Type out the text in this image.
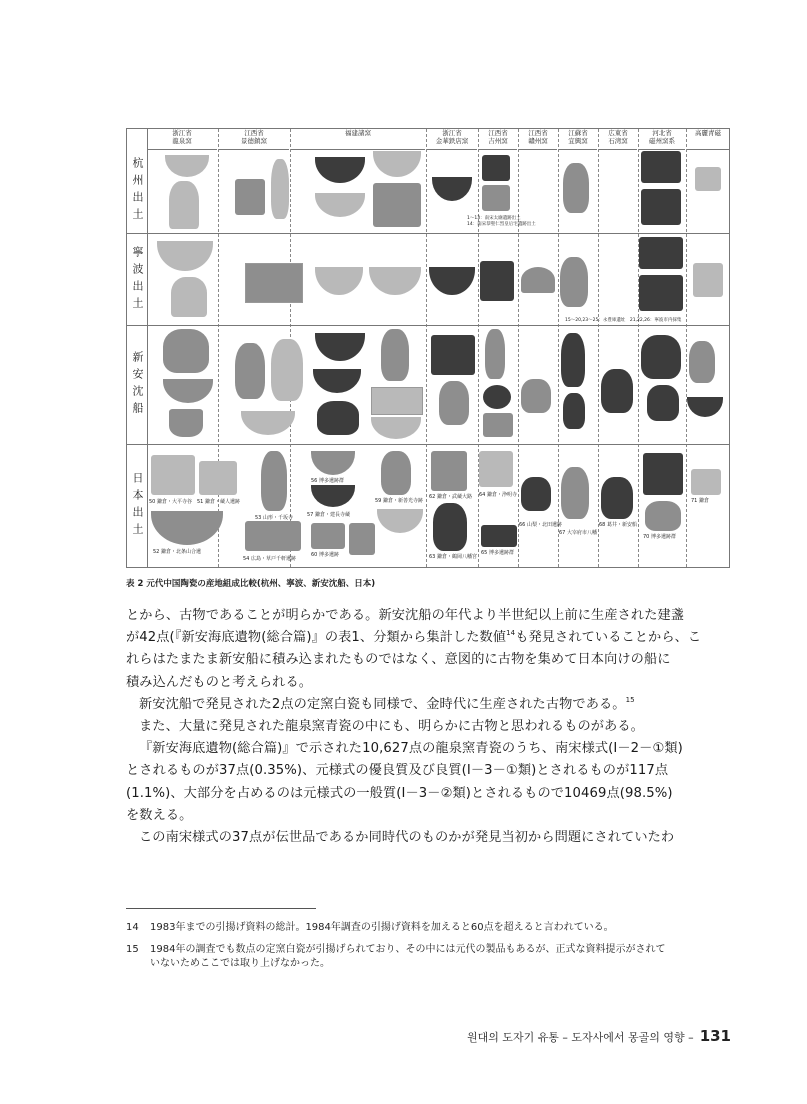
浙江省
龍泉窯
江西省
景德鎮窯
福建諸窯	浙江省
金華鉄店窯
江西省
吉州窯
江西省
贛州窯
江蘇省
宜興窯
広東省
石湾窯
河北省
磁州窯系
高麗青磁
杭州出土
寧波出土
新安沈船
日本出土
1～13：南宋太廟遺跡出土
14：南宋恭聖仁烈皇后宅遺跡出土
15～20,23～25：永豊庫遺址　21,22,26：寧波市内採集
50 鎌倉・大平寺谷 51 鎌倉・蔵人遺跡
52 鎌倉・北条山合遺
53 山形・千坂寺
54 広島・草戸千軒遺跡
56 博多遺跡群
57 鎌倉・建長寺蔵
59 鎌倉・新善光寺跡
60 博多遺跡
62 鎌倉・武蔵大路
63 鎌倉・鶴岡八幡宮
64 鎌倉・浄明寺
65 博多遺跡群
66 山梨・北田遺跡
67 大宰府市八幡
68 葛井・新安船
70 博多遺跡群
71 鎌倉
表 2 元代中国陶瓷の産地組成比較(杭州、寧波、新安沈船、日本)

とから、古物であることが明らかである。新安沈船の年代より半世紀以上前に生産された建盞

が42点(『新安海底遺物(総合篇)』の表1、分類から集計した数値$^{14}$も発見されていることから、こ

れらはたまたま新安船に積み込まれたものではなく、意図的に古物を集めて日本向けの船に

積み込んだものと考えられる。

新安沈船で発見された2点の定窯白瓷も同様で、金時代に生産された古物である。$^{15}$

また、大量に発見された龍泉窯青瓷の中にも、明らかに古物と思われるものがある。

『新安海底遺物(総合篇)』で示された10,627点の龍泉窯青瓷のうち、南宋様式(Ⅰ－2－①類)

とされるものが37点(0.35%)、元様式の優良質及び良質(Ⅰ－3－①類)とされるものが117点

(1.1%)、大部分を占めるのは元様式の一般質(Ⅰ－3－②類)とされるもので10469点(98.5%)

を数える。

この南宋様式の37点が伝世品であるか同時代のものかが発見当初から問題にされていたわ

14 1983年までの引揚げ資料の総計。1984年調査の引揚げ資料を加えると60点を超えると言われている。
15 1984年の調査でも数点の定窯白瓷が引揚げられており、その中には元代の製品もあるが、正式な資料提示がされて
いないためここでは取り上げなかった。
원대의 도자기 유통 – 도자사에서 몽골의 영향 – 131
